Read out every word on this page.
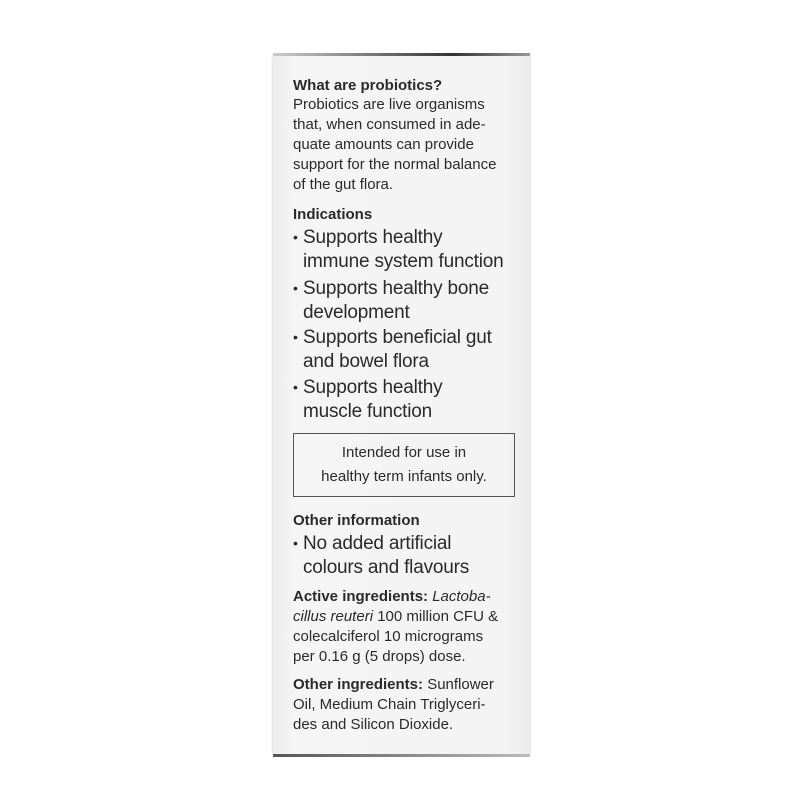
What are probiotics?
Probiotics are live organisms
that, when consumed in ade-
quate amounts can provide
support for the normal balance
of the gut flora.
Indications
• Supports healthy
immune system function
• Supports healthy bone
development
• Supports beneficial gut
and bowel flora
• Supports healthy
muscle function
Intended for use in
healthy term infants only.
Other information
• No added artificial
colours and flavours
Active ingredients: Lactoba-
cillus reuteri 100 million CFU &
colecalciferol 10 micrograms
per 0.16 g (5 drops) dose.
Other ingredients: Sunflower
Oil, Medium Chain Triglyceri-
des and Silicon Dioxide.
